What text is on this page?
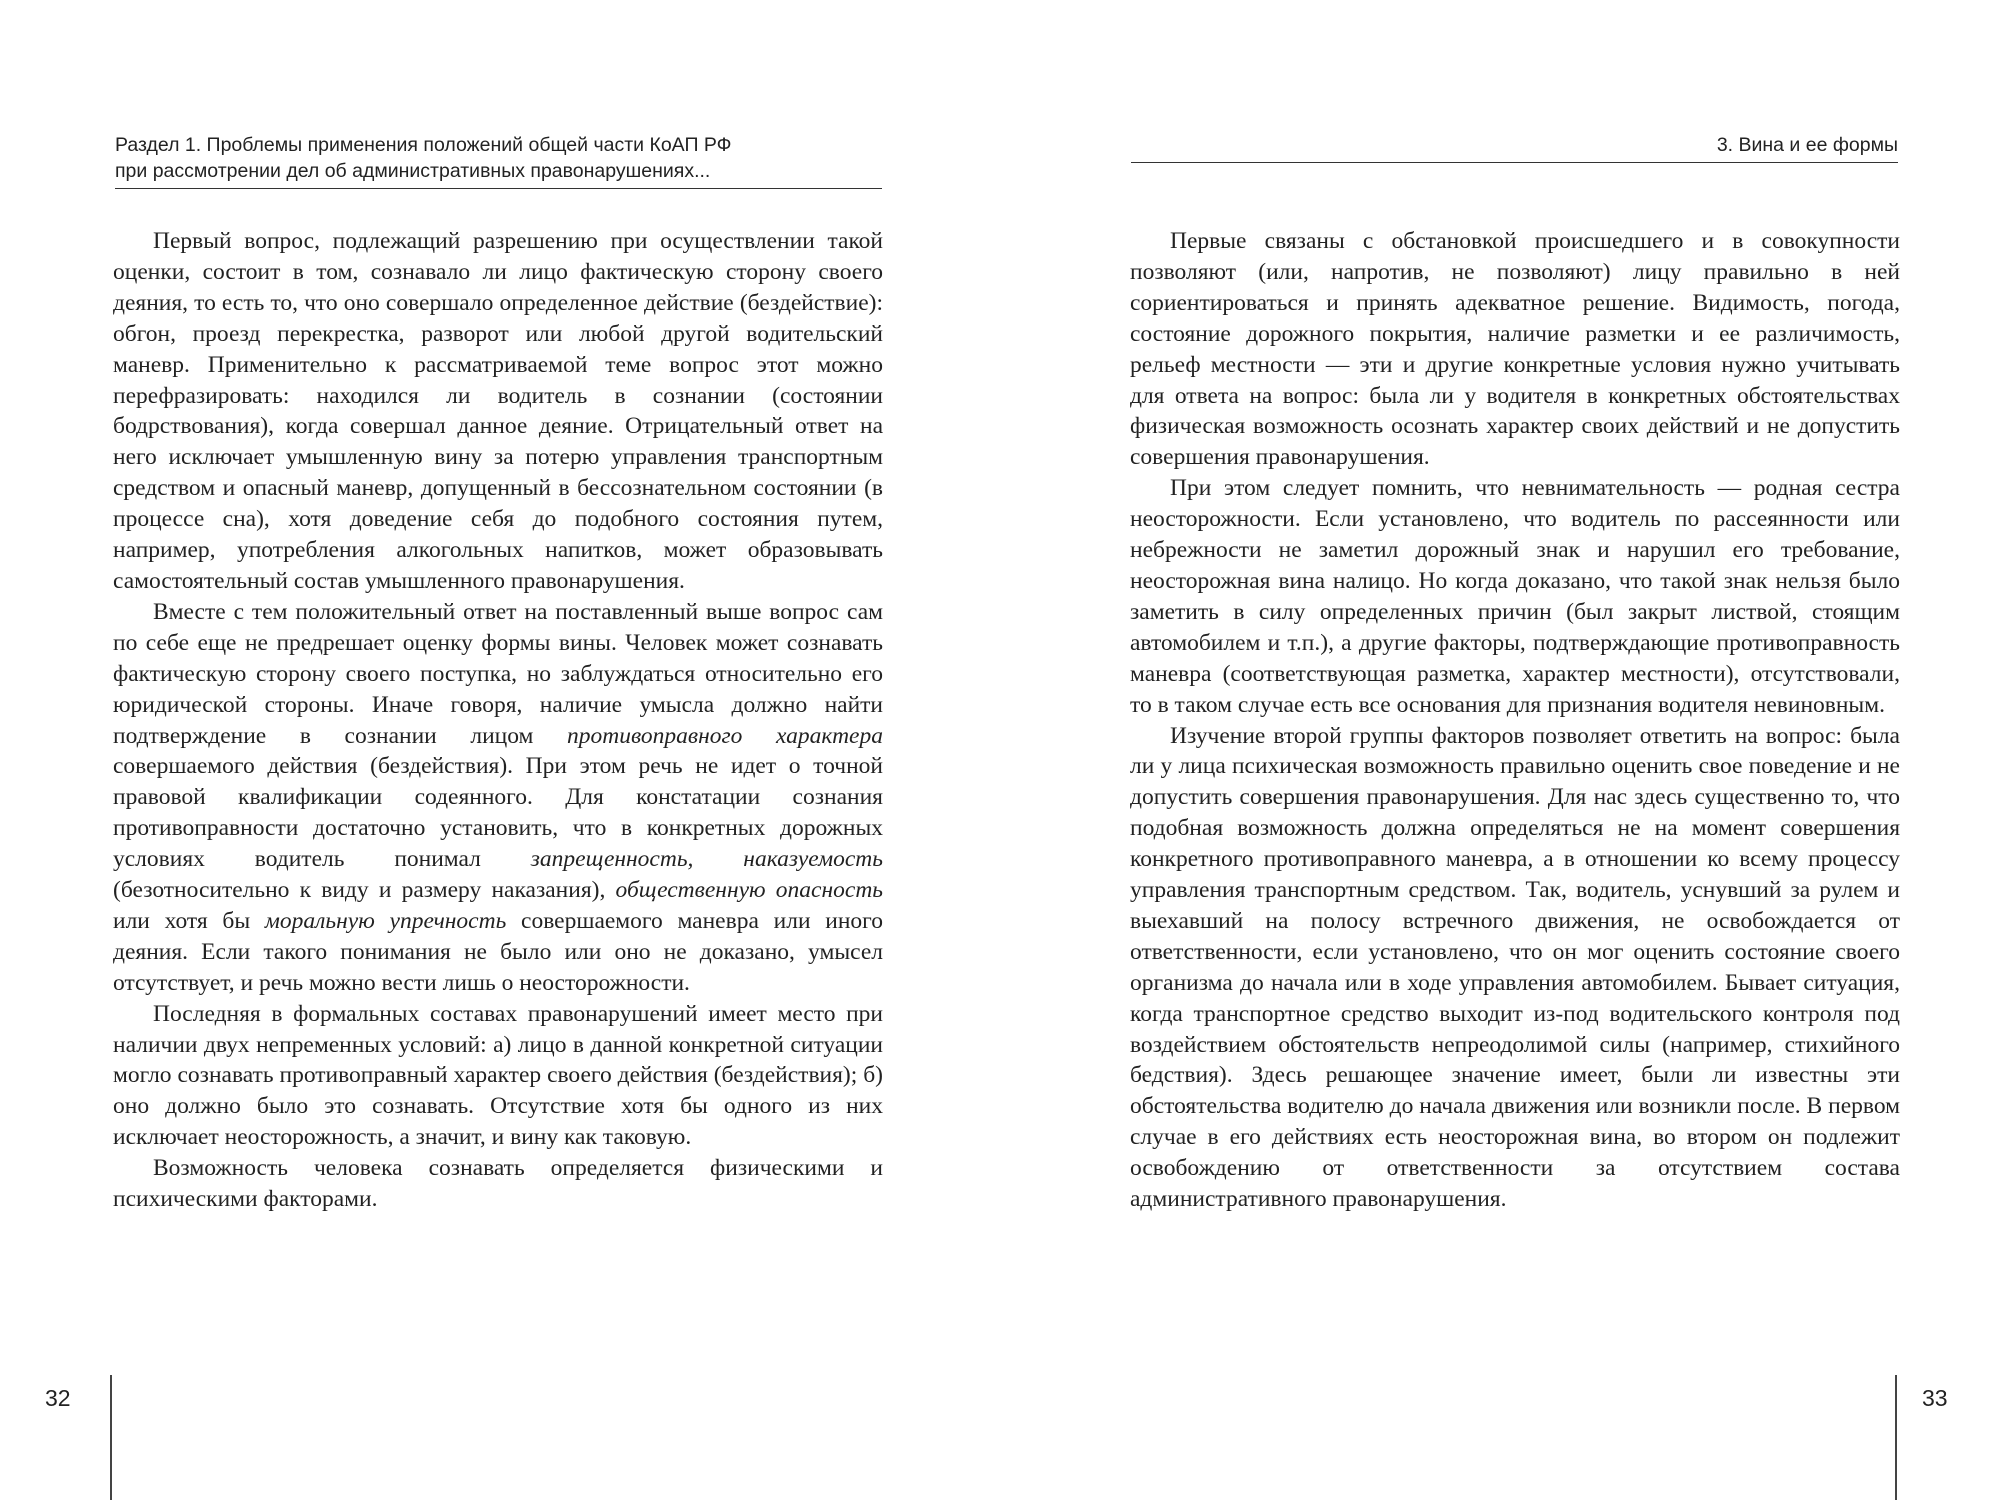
Раздел 1. Проблемы применения положений общей части КоАП РФ
при рассмотрении дел об административных правонарушениях...
3. Вина и ее формы

Первый вопрос, подлежащий разрешению при осуществлении такой оценки, состоит в том, сознавало ли лицо фактическую сторону своего деяния, то есть то, что оно совершало определенное действие (бездействие): обгон, проезд перекрестка, разворот или любой другой водительский маневр. Применительно к рассматриваемой теме вопрос этот можно перефразировать: находился ли водитель в сознании (состоянии бодрствования), когда совершал данное деяние. Отрицательный ответ на него исключает умышленную вину за потерю управления транспортным средством и опасный маневр, допущенный в бессознательном состоянии (в процессе сна), хотя доведение себя до подобного состояния путем, например, употребления алкогольных напитков, может образовывать самостоятельный состав умышленного правонарушения.

Вместе с тем положительный ответ на поставленный выше вопрос сам по себе еще не предрешает оценку формы вины. Человек может сознавать фактическую сторону своего поступка, но заблуждаться относительно его юридической стороны. Иначе говоря, наличие умысла должно найти подтверждение в сознании лицом противоправного характера совершаемого действия (бездействия). При этом речь не идет о точной правовой квалификации содеянного. Для констатации сознания противоправности достаточно установить, что в конкретных дорожных условиях водитель понимал запрещенность, наказуемость (безотносительно к виду и размеру наказания), общественную опасность или хотя бы моральную упречность совершаемого маневра или иного деяния. Если такого понимания не было или оно не доказано, умысел отсутствует, и речь можно вести лишь о неосторожности.

Последняя в формальных составах правонарушений имеет место при наличии двух непременных условий: а) лицо в данной конкретной ситуации могло сознавать противоправный характер своего действия (бездействия); б) оно должно было это сознавать. Отсутствие хотя бы одного из них исключает неосторожность, а значит, и вину как таковую.

Возможность человека сознавать определяется физическими и психическими факторами.

Первые связаны с обстановкой происшедшего и в совокупности позволяют (или, напротив, не позволяют) лицу правильно в ней сориентироваться и принять адекватное решение. Видимость, погода, состояние дорожного покрытия, наличие разметки и ее различимость, рельеф местности — эти и другие конкретные условия нужно учитывать для ответа на вопрос: была ли у водителя в конкретных обстоятельствах физическая возможность осознать характер своих действий и не допустить совершения правонарушения.

При этом следует помнить, что невнимательность — родная сестра неосторожности. Если установлено, что водитель по рассеянности или небрежности не заметил дорожный знак и нарушил его требование, неосторожная вина налицо. Но когда доказано, что такой знак нельзя было заметить в силу определенных причин (был закрыт листвой, стоящим автомобилем и т.п.), а другие факторы, подтверждающие противоправность маневра (соответствующая разметка, характер местности), отсутствовали, то в таком случае есть все основания для признания водителя невиновным.

Изучение второй группы факторов позволяет ответить на вопрос: была ли у лица психическая возможность правильно оценить свое поведение и не допустить совершения правонарушения. Для нас здесь существенно то, что подобная возможность должна определяться не на момент совершения конкретного противоправного маневра, а в отношении ко всему процессу управления транспортным средством. Так, водитель, уснувший за рулем и выехавший на полосу встречного движения, не освобождается от ответственности, если установлено, что он мог оценить состояние своего организма до начала или в ходе управления автомобилем. Бывает ситуация, когда транспортное средство выходит из-под водительского контроля под воздействием обстоятельств непреодолимой силы (например, стихийного бедствия). Здесь решающее значение имеет, были ли известны эти обстоятельства водителю до начала движения или возникли после. В первом случае в его действиях есть неосторожная вина, во втором он подлежит освобождению от ответственности за отсутствием состава административного правонарушения.

32	33
